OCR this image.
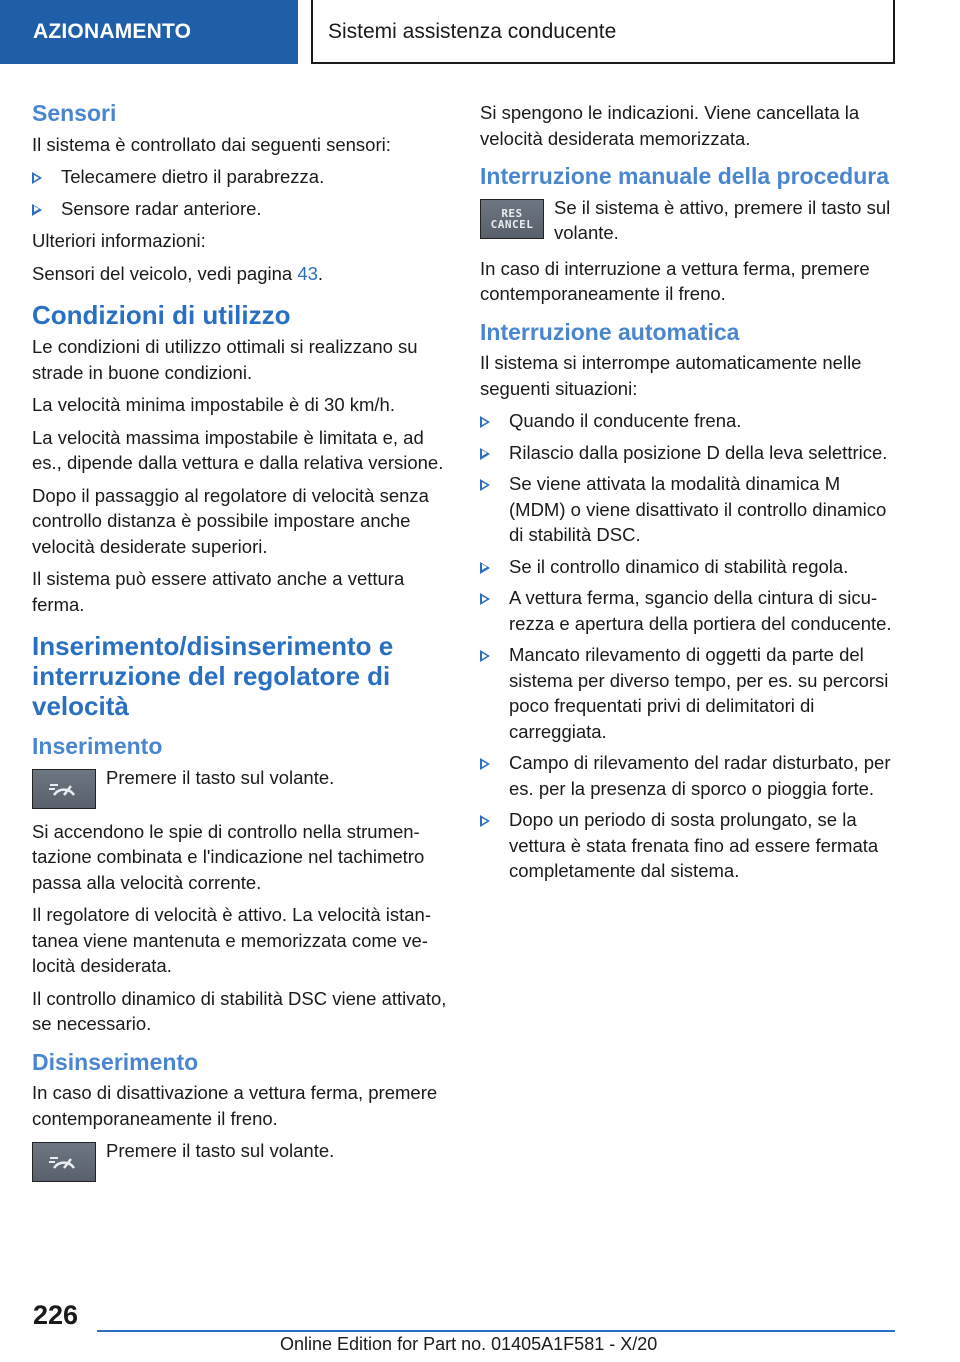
AZIONAMENTO	Sistemi assistenza conducente
Sensori

Il sistema è controllato dai seguenti sensori:

Telecamere dietro il parabrezza.
Sensore radar anteriore.

Ulteriori informazioni:

Sensori del veicolo, vedi pagina 43.

Condizioni di utilizzo

Le condizioni di utilizzo ottimali si realizzano su strade in buone condizioni.

La velocità minima impostabile è di 30 km/h.

La velocità massima impostabile è limitata e, ad es., dipende dalla vettura e dalla relativa versione.

Dopo il passaggio al regolatore di velocità senza controllo distanza è possibile impostare anche velocità desiderate superiori.

Il sistema può essere attivato anche a vettura ferma.

Inserimento/disinserimento e interruzione del regolatore di velocità
Inserimento

Premere il tasto sul volante.

Si accendono le spie di controllo nella strumentazione combinata e l'indicazione nel tachimetro passa alla velocità corrente.

Il regolatore di velocità è attivo. La velocità istantanea viene mantenuta e memorizzata come velocità desiderata.

Il controllo dinamico di stabilità DSC viene attivato, se necessario.

Disinserimento

In caso di disattivazione a vettura ferma, premere contemporaneamente il freno.

Premere il tasto sul volante.

Si spengono le indicazioni. Viene cancellata la velocità desiderata memorizzata.

Interruzione manuale della procedura
RES
CANCEL

Se il sistema è attivo, premere il tasto sul volante.

In caso di interruzione a vettura ferma, premere contemporaneamente il freno.

Interruzione automatica

Il sistema si interrompe automaticamente nelle seguenti situazioni:

Quando il conducente frena.
Rilascio dalla posizione D della leva selettrice.
Se viene attivata la modalità dinamica M (MDM) o viene disattivato il controllo dinamico di stabilità DSC.
Se il controllo dinamico di stabilità regola.
A vettura ferma, sgancio della cintura di sicurezza e apertura della portiera del conducente.
Mancato rilevamento di oggetti da parte del sistema per diverso tempo, per es. su percorsi poco frequentati privi di delimitatori di carreggiata.
Campo di rilevamento del radar disturbato, per es. per la presenza di sporco o pioggia forte.
Dopo un periodo di sosta prolungato, se la vettura è stata frenata fino ad essere fermata completamente dal sistema.
226
Online Edition for Part no. 01405A1F581 - X/20
